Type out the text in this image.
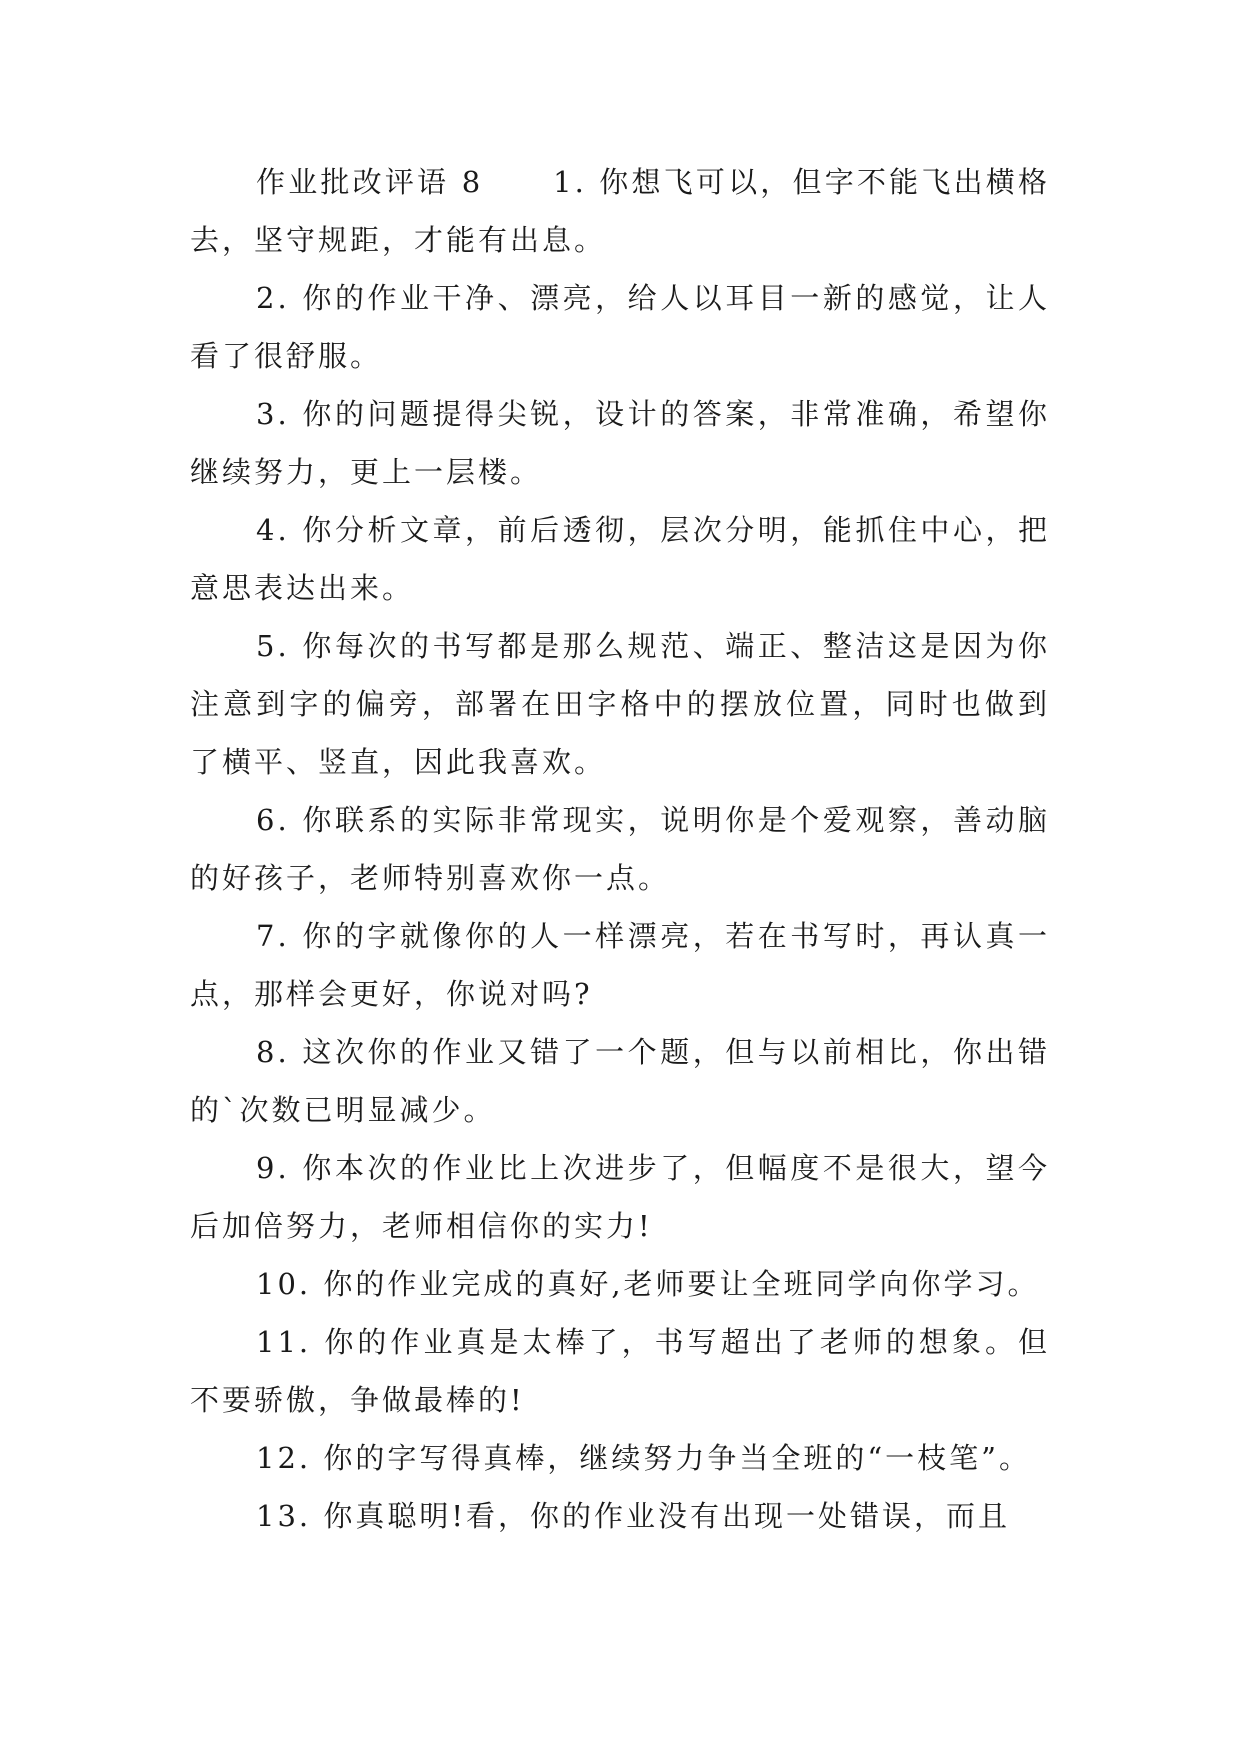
作业批改评语 8 1. 你想飞可以，但字不能飞出横格去，坚守规距，才能有出息。

2. 你的作业干净、漂亮，给人以耳目一新的感觉，让人看了很舒服。

3. 你的问题提得尖锐，设计的答案，非常准确，希望你继续努力，更上一层楼。

4. 你分析文章，前后透彻，层次分明，能抓住中心，把意思表达出来。

5. 你每次的书写都是那么规范、端正、整洁这是因为你注意到字的偏旁，部署在田字格中的摆放位置，同时也做到了横平、竖直，因此我喜欢。

6. 你联系的实际非常现实，说明你是个爱观察，善动脑的好孩子，老师特别喜欢你一点。

7. 你的字就像你的人一样漂亮，若在书写时，再认真一点，那样会更好，你说对吗?

8. 这次你的作业又错了一个题，但与以前相比，你出错的`次数已明显减少。

9. 你本次的作业比上次进步了，但幅度不是很大，望今后加倍努力，老师相信你的实力!

10. 你的作业完成的真好,老师要让全班同学向你学习。

11. 你的作业真是太棒了，书写超出了老师的想象。但不要骄傲，争做最棒的!

12. 你的字写得真棒，继续努力争当全班的“一枝笔”。

13. 你真聪明!看，你的作业没有出现一处错误，而且
